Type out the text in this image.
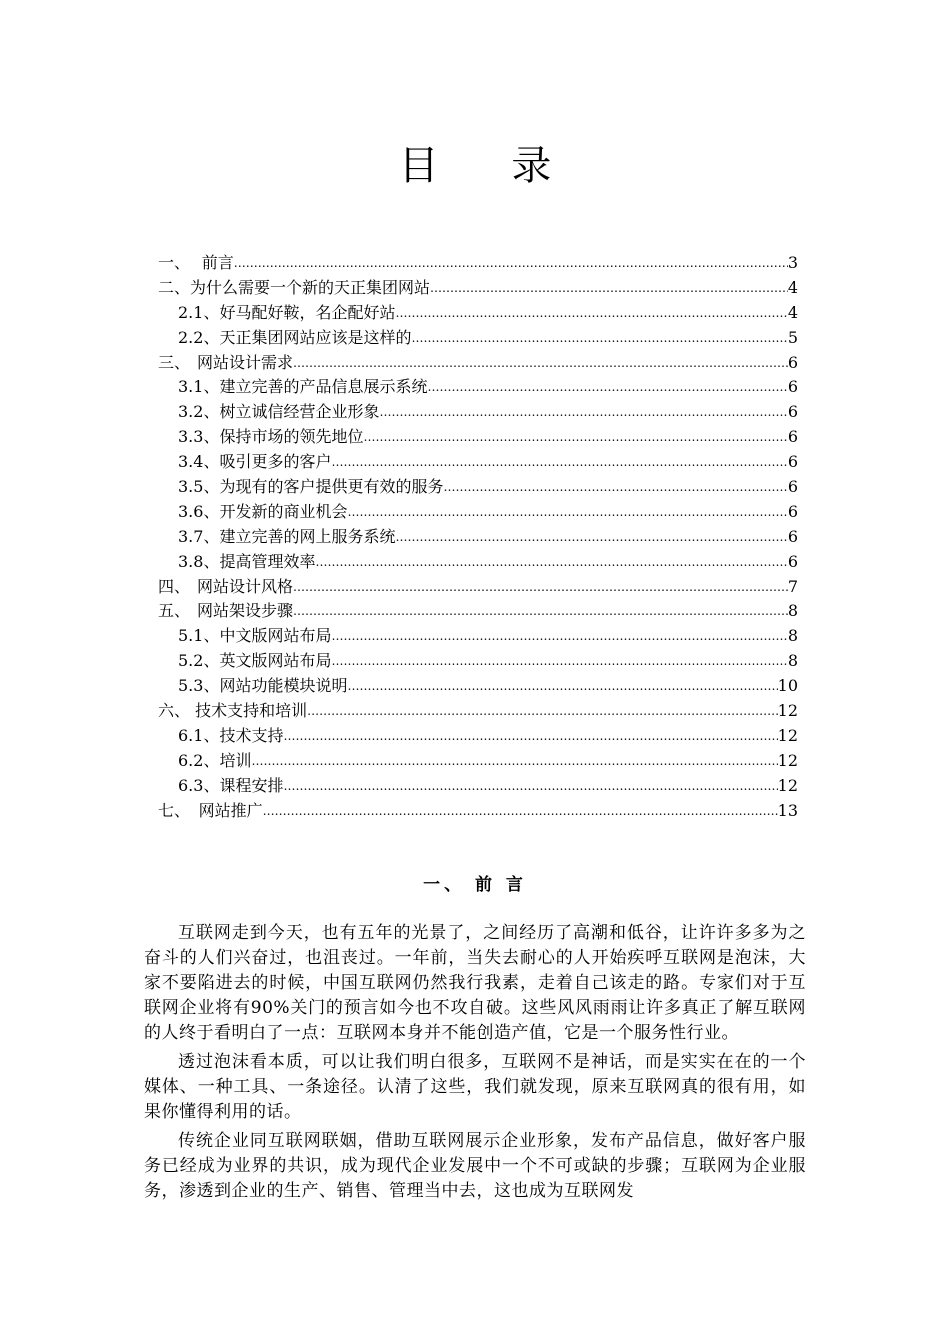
目 录
一、 前言 ……………………………………………………………………………………………………………………………………………………	3
二、 为什么需要一个新的天正集团网站 ……………………………………………………………………………………………………………………………………………………	4
2.1、好马配好鞍，名企配好站 ……………………………………………………………………………………………………………………………………………………	4
2.2、天正集团网站应该是这样的 ……………………………………………………………………………………………………………………………………………………	5
三、 网站设计需求 ……………………………………………………………………………………………………………………………………………………	6
3.1、建立完善的产品信息展示系统 ……………………………………………………………………………………………………………………………………………………	6
3.2、树立诚信经营企业形象 ……………………………………………………………………………………………………………………………………………………	6
3.3、保持市场的领先地位 ……………………………………………………………………………………………………………………………………………………	6
3.4、吸引更多的客户 ……………………………………………………………………………………………………………………………………………………	6
3.5、为现有的客户提供更有效的服务 ……………………………………………………………………………………………………………………………………………………	6
3.6、开发新的商业机会 ……………………………………………………………………………………………………………………………………………………	6
3.7、建立完善的网上服务系统 ……………………………………………………………………………………………………………………………………………………	6
3.8、提高管理效率 ……………………………………………………………………………………………………………………………………………………	6
四、 网站设计风格 ……………………………………………………………………………………………………………………………………………………	7
五、 网站架设步骤 ……………………………………………………………………………………………………………………………………………………	8
5.1、中文版网站布局 ……………………………………………………………………………………………………………………………………………………	8
5.2、英文版网站布局 ……………………………………………………………………………………………………………………………………………………	8
5.3、网站功能模块说明 ……………………………………………………………………………………………………………………………………………………	10
六、 技术支持和培训 ……………………………………………………………………………………………………………………………………………………	12
6.1、技术支持 ……………………………………………………………………………………………………………………………………………………	12
6.2、培训 ……………………………………………………………………………………………………………………………………………………	12
6.3、课程安排 ……………………………………………………………………………………………………………………………………………………	12
七、 网站推广 ……………………………………………………………………………………………………………………………………………………	13
一、 前 言

互联网走到今天，也有五年的光景了，之间经历了高潮和低谷，让许许多多为之奋斗的人们兴奋过，也沮丧过。一年前，当失去耐心的人开始疾呼互联网是泡沫，大家不要陷进去的时候，中国互联网仍然我行我素，走着自己该走的路。专家们对于互联网企业将有90%关门的预言如今也不攻自破。这些风风雨雨让许多真正了解互联网的人终于看明白了一点：互联网本身并不能创造产值，它是一个服务性行业。

透过泡沫看本质，可以让我们明白很多，互联网不是神话，而是实实在在的一个媒体、一种工具、一条途径。认清了这些，我们就发现，原来互联网真的很有用，如果你懂得利用的话。

传统企业同互联网联姻，借助互联网展示企业形象，发布产品信息，做好客户服务已经成为业界的共识，成为现代企业发展中一个不可或缺的步骤；互联网为企业服务，渗透到企业的生产、销售、管理当中去，这也成为互联网发
